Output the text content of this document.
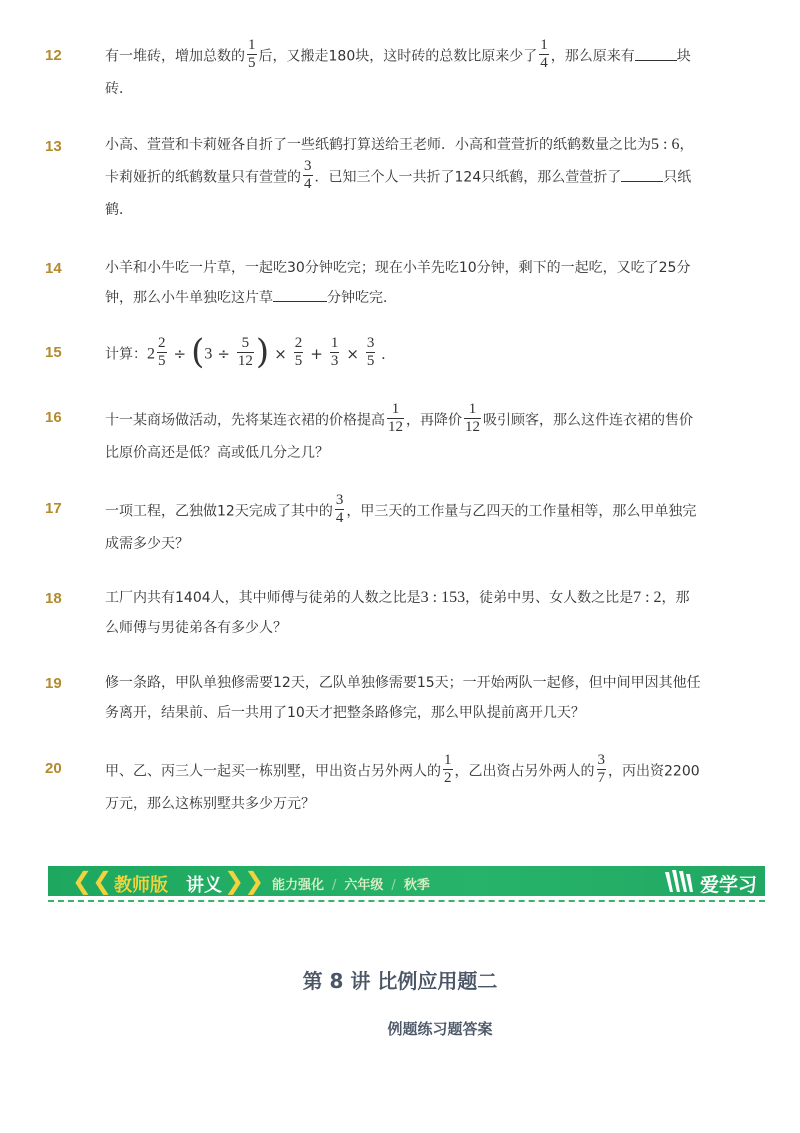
12	有一堆砖，增加总数的 $\frac{1}{5}$ 后，又搬走180块，这时砖的总数比原来少了 $\frac{1}{4}$ ，那么原来有	块
砖．
13	小高、萱萱和卡莉娅各自折了一些纸鹤打算送给王老师．小高和萱萱折的纸鹤数量之比为5 : 6，
卡莉娅折的纸鹤数量只有萱萱的 $\frac{3}{4}$ ．已知三个人一共折了124只纸鹤，那么萱萱折了	只纸
鹤．
14	小羊和小牛吃一片草，一起吃30分钟吃完；现在小羊先吃10分钟，剩下的一起吃，又吃了25分
钟，那么小牛单独吃这片草	分钟吃完．
15	计算：$2 \frac{2}{5} \div (3 \div \frac{5}{12}$ ) × $\frac{2}{5} + \frac{1}{3} \times \frac{3}{5}$ .
16	十一某商场做活动，先将某连衣裙的价格提高 $\frac{1}{12}$ ，再降价 $\frac{1}{12}$ 吸引顾客，那么这件连衣裙的售价
比原价高还是低？高或低几分之几？
17	一项工程，乙独做12天完成了其中的 $\frac{3}{4}$ ，甲三天的工作量与乙四天的工作量相等，那么甲单独完
成需多少天？
18	工厂内共有1404人，其中师傅与徒弟的人数之比是3 : 153，徒弟中男、女人数之比是7 : 2，那
么师傅与男徒弟各有多少人？
19	修一条路，甲队单独修需要12天，乙队单独修需要15天；一开始两队一起修，但中间甲因其他任
务离开，结果前、后一共用了10天才把整条路修完，那么甲队提前离开几天？
20	甲、乙、丙三人一起买一栋别墅，甲出资占另外两人的 $\frac{1}{2}$ ，乙出资占另外两人的 $\frac{3}{7}$ ，丙出资2200
万元，那么这栋别墅共多少万元？
❮❮ 教师版 讲义 ❯❯ 能力强化 / 六年级 / 秋季	爱学习
第 8 讲 比例应用题二
例题练习题答案
